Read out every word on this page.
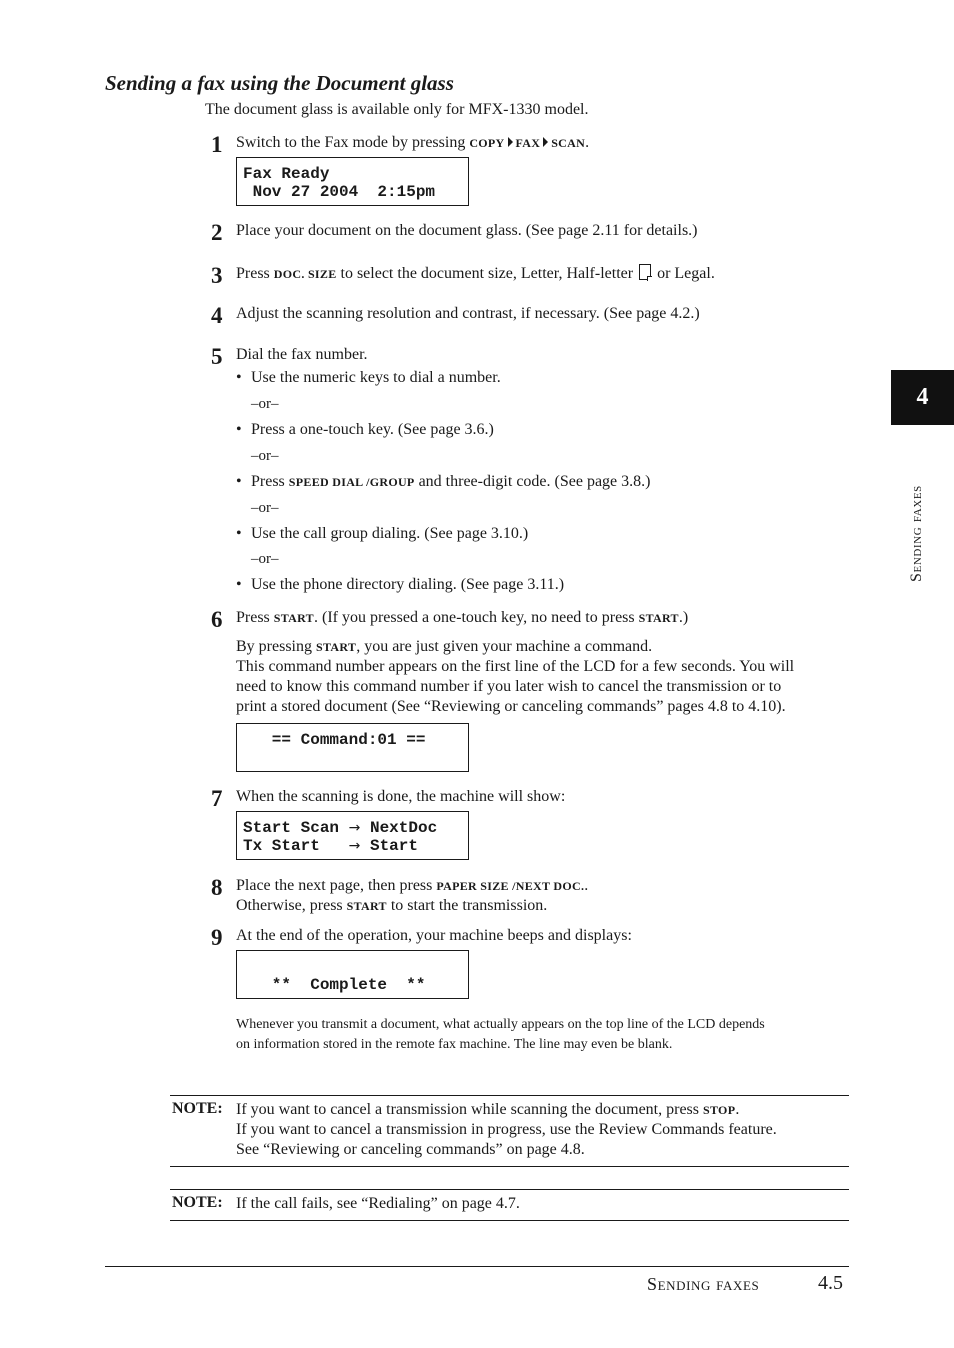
Sending a fax using the Document glass
The document glass is available only for MFX-1330 model.
1 Switch to the Fax mode by pressing COPY FAX SCAN.
Fax Ready
Nov 27 2004  2:15pm
2 Place your document on the document glass. (See page 2.11 for details.)
3 Press DOC. SIZE to select the document size, Letter, Half-letter  or Legal.
4 Adjust the scanning resolution and contrast, if necessary. (See page 4.2.)
5 Dial the fax number.
• Use the numeric keys to dial a number.
–or–
• Press a one-touch key. (See page 3.6.)
–or–
• Press SPEED DIAL /GROUP and three-digit code. (See page 3.8.)
–or–
• Use the call group dialing. (See page 3.10.)
–or–
• Use the phone directory dialing. (See page 3.11.)
6 Press START. (If you pressed a one-touch key, no need to press START.)
By pressing START, you are just given your machine a command.
This command number appears on the first line of the LCD for a few seconds. You will
need to know this command number if you later wish to cancel the transmission or to
print a stored document (See “Reviewing or canceling commands” pages 4.8 to 4.10).
== Command:01 ==
7 When the scanning is done, the machine will show:
Start Scan → NextDoc
Tx Start   → Start
8 Place the next page, then press PAPER SIZE /NEXT DOC..
Otherwise, press START to start the transmission.
9 At the end of the operation, your machine beeps and displays:

**  Complete  **
Whenever you transmit a document, what actually appears on the top line of the LCD depends
on information stored in the remote fax machine. The line may even be blank.
NOTE: If you want to cancel a transmission while scanning the document, press STOP.
If you want to cancel a transmission in progress, use the Review Commands feature.
See “Reviewing or canceling commands” on page 4.8.
NOTE: If the call fails, see “Redialing” on page 4.7.
4
Sending faxes
Sending faxes	4.5
